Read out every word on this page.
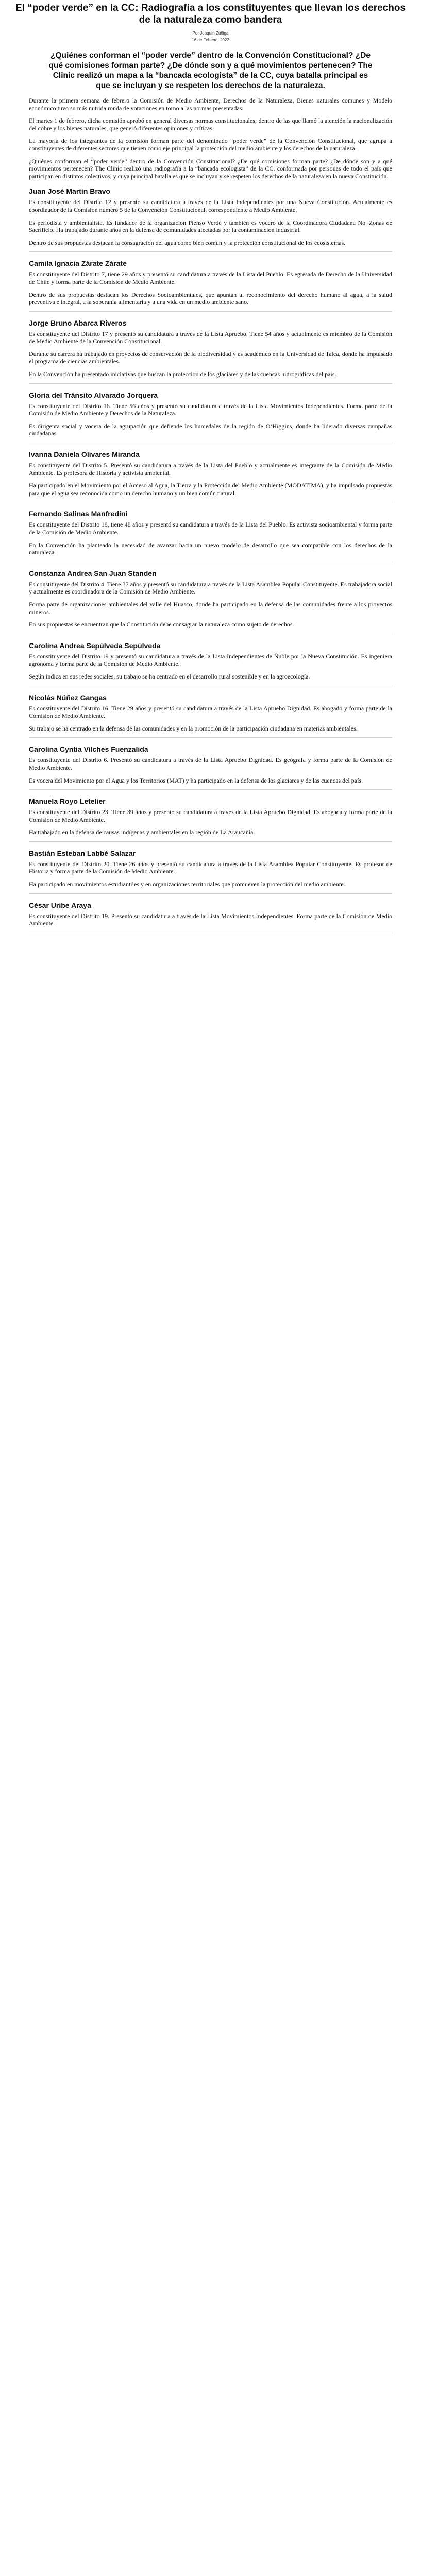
El “poder verde” en la CC: Radiografía a los constituyentes que llevan los derechos de la naturaleza como bandera
Por Joaquín Zúñiga
16 de Febrero, 2022
¿Quiénes conforman el “poder verde” dentro de la Convención Constitucional? ¿De qué comisiones forman parte? ¿De dónde son y a qué movimientos pertenecen? The Clinic realizó un mapa a la “bancada ecologista” de la CC, cuya batalla principal es que se incluyan y se respeten los derechos de la naturaleza.

Durante la primera semana de febrero la Comisión de Medio Ambiente, Derechos de la Naturaleza, Bienes naturales comunes y Modelo económico tuvo su más nutrida ronda de votaciones en torno a las normas presentadas.

El martes 1 de febrero, dicha comisión aprobó en general diversas normas constitucionales; dentro de las que llamó la atención la nacionalización del cobre y los bienes naturales, que generó diferentes opiniones y críticas.

La mayoría de los integrantes de la comisión forman parte del denominado “poder verde” de la Convención Constitucional, que agrupa a constituyentes de diferentes sectores que tienen como eje principal la protección del medio ambiente y los derechos de la naturaleza.

¿Quiénes conforman el “poder verde” dentro de la Convención Constitucional? ¿De qué comisiones forman parte? ¿De dónde son y a qué movimientos pertenecen? The Clinic realizó una radiografía a la “bancada ecologista” de la CC, conformada por personas de todo el país que participan en distintos colectivos, y cuya principal batalla es que se incluyan y se respeten los derechos de la naturaleza en la nueva Constitución.

Juan José Martín Bravo

Es constituyente del Distrito 12 y presentó su candidatura a través de la Lista Independientes por una Nueva Constitución. Actualmente es coordinador de la Comisión número 5 de la Convención Constitucional, correspondiente a Medio Ambiente.

Es periodista y ambientalista. Es fundador de la organización Pienso Verde y también es vocero de la Coordinadora Ciudadana No+Zonas de Sacrificio. Ha trabajado durante años en la defensa de comunidades afectadas por la contaminación industrial.

Dentro de sus propuestas destacan la consagración del agua como bien común y la protección constitucional de los ecosistemas.

Camila Ignacia Zárate Zárate

Es constituyente del Distrito 7, tiene 29 años y presentó su candidatura a través de la Lista del Pueblo. Es egresada de Derecho de la Universidad de Chile y forma parte de la Comisión de Medio Ambiente.

Dentro de sus propuestas destacan los Derechos Socioambientales, que apuntan al reconocimiento del derecho humano al agua, a la salud preventiva e integral, a la soberanía alimentaria y a una vida en un medio ambiente sano.

Jorge Bruno Abarca Riveros

Es constituyente del Distrito 17 y presentó su candidatura a través de la Lista Apruebo. Tiene 54 años y actualmente es miembro de la Comisión de Medio Ambiente de la Convención Constitucional.

Durante su carrera ha trabajado en proyectos de conservación de la biodiversidad y es académico en la Universidad de Talca, donde ha impulsado el programa de ciencias ambientales.

En la Convención ha presentado iniciativas que buscan la protección de los glaciares y de las cuencas hidrográficas del país.

Gloria del Tránsito Alvarado Jorquera

Es constituyente del Distrito 16. Tiene 56 años y presentó su candidatura a través de la Lista Movimientos Independientes. Forma parte de la Comisión de Medio Ambiente y Derechos de la Naturaleza.

Es dirigenta social y vocera de la agrupación que defiende los humedales de la región de O’Higgins, donde ha liderado diversas campañas ciudadanas.

Ivanna Daniela Olivares Miranda

Es constituyente del Distrito 5. Presentó su candidatura a través de la Lista del Pueblo y actualmente es integrante de la Comisión de Medio Ambiente. Es profesora de Historia y activista ambiental.

Ha participado en el Movimiento por el Acceso al Agua, la Tierra y la Protección del Medio Ambiente (MODATIMA), y ha impulsado propuestas para que el agua sea reconocida como un derecho humano y un bien común natural.

Fernando Salinas Manfredini

Es constituyente del Distrito 18, tiene 48 años y presentó su candidatura a través de la Lista del Pueblo. Es activista socioambiental y forma parte de la Comisión de Medio Ambiente.

En la Convención ha planteado la necesidad de avanzar hacia un nuevo modelo de desarrollo que sea compatible con los derechos de la naturaleza.

Constanza Andrea San Juan Standen

Es constituyente del Distrito 4. Tiene 37 años y presentó su candidatura a través de la Lista Asamblea Popular Constituyente. Es trabajadora social y actualmente es coordinadora de la Comisión de Medio Ambiente.

Forma parte de organizaciones ambientales del valle del Huasco, donde ha participado en la defensa de las comunidades frente a los proyectos mineros.

En sus propuestas se encuentran que la Constitución debe consagrar la naturaleza como sujeto de derechos.

Carolina Andrea Sepúlveda Sepúlveda

Es constituyente del Distrito 19 y presentó su candidatura a través de la Lista Independientes de Ñuble por la Nueva Constitución. Es ingeniera agrónoma y forma parte de la Comisión de Medio Ambiente.

Según indica en sus redes sociales, su trabajo se ha centrado en el desarrollo rural sostenible y en la agroecología.

Nicolás Núñez Gangas

Es constituyente del Distrito 16. Tiene 29 años y presentó su candidatura a través de la Lista Apruebo Dignidad. Es abogado y forma parte de la Comisión de Medio Ambiente.

Su trabajo se ha centrado en la defensa de las comunidades y en la promoción de la participación ciudadana en materias ambientales.

Carolina Cyntia Vilches Fuenzalida

Es constituyente del Distrito 6. Presentó su candidatura a través de la Lista Apruebo Dignidad. Es geógrafa y forma parte de la Comisión de Medio Ambiente.

Es vocera del Movimiento por el Agua y los Territorios (MAT) y ha participado en la defensa de los glaciares y de las cuencas del país.

Manuela Royo Letelier

Es constituyente del Distrito 23. Tiene 39 años y presentó su candidatura a través de la Lista Apruebo Dignidad. Es abogada y forma parte de la Comisión de Medio Ambiente.

Ha trabajado en la defensa de causas indígenas y ambientales en la región de La Araucanía.

Bastián Esteban Labbé Salazar

Es constituyente del Distrito 20. Tiene 26 años y presentó su candidatura a través de la Lista Asamblea Popular Constituyente. Es profesor de Historia y forma parte de la Comisión de Medio Ambiente.

Ha participado en movimientos estudiantiles y en organizaciones territoriales que promueven la protección del medio ambiente.

César Uribe Araya

Es constituyente del Distrito 19. Presentó su candidatura a través de la Lista Movimientos Independientes. Forma parte de la Comisión de Medio Ambiente.
